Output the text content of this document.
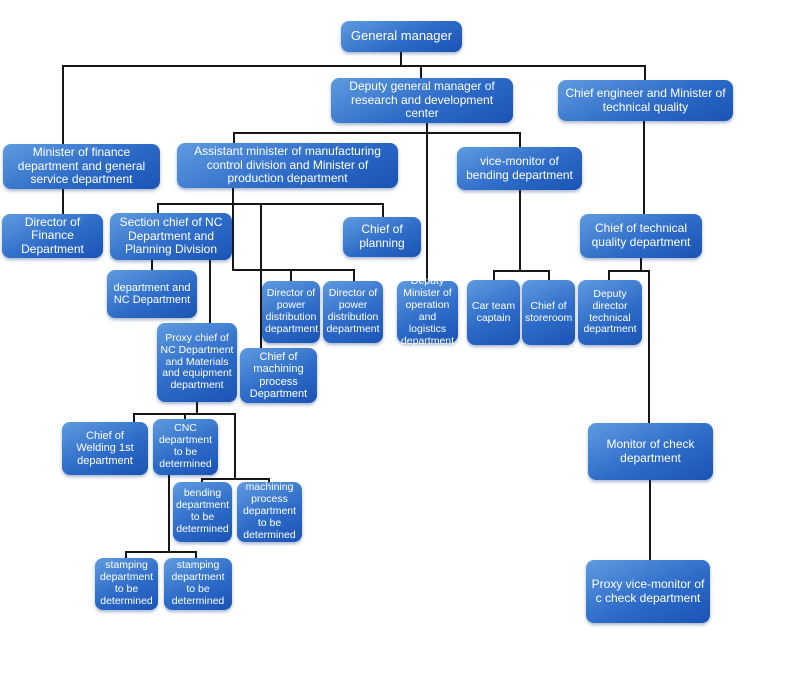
General manager
Deputy general manager of research and development center
Chief engineer and Minister of technical quality
Minister of finance department and general service department
Assistant minister of manufacturing control division and Minister of production department
vice-monitor of bending department
Director of Finance Department
Section chief of NC Department and Planning Division
Chief of planning
Chief of technical quality department
department and NC Department
Director of power distribution department
Director of power distribution department
Deputy Minister of operation and logistics department
Car team captain
Chief of storeroom
Deputy director technical department
Proxy chief of NC Department and Materials and equipment department
Chief of machining process Department
Chief of Welding 1st department
CNC department to be determined
bending department to be determined
machining process department to be determined
stamping department to be determined
stamping department to be determined
Monitor of check department
Proxy vice-monitor of c check department
